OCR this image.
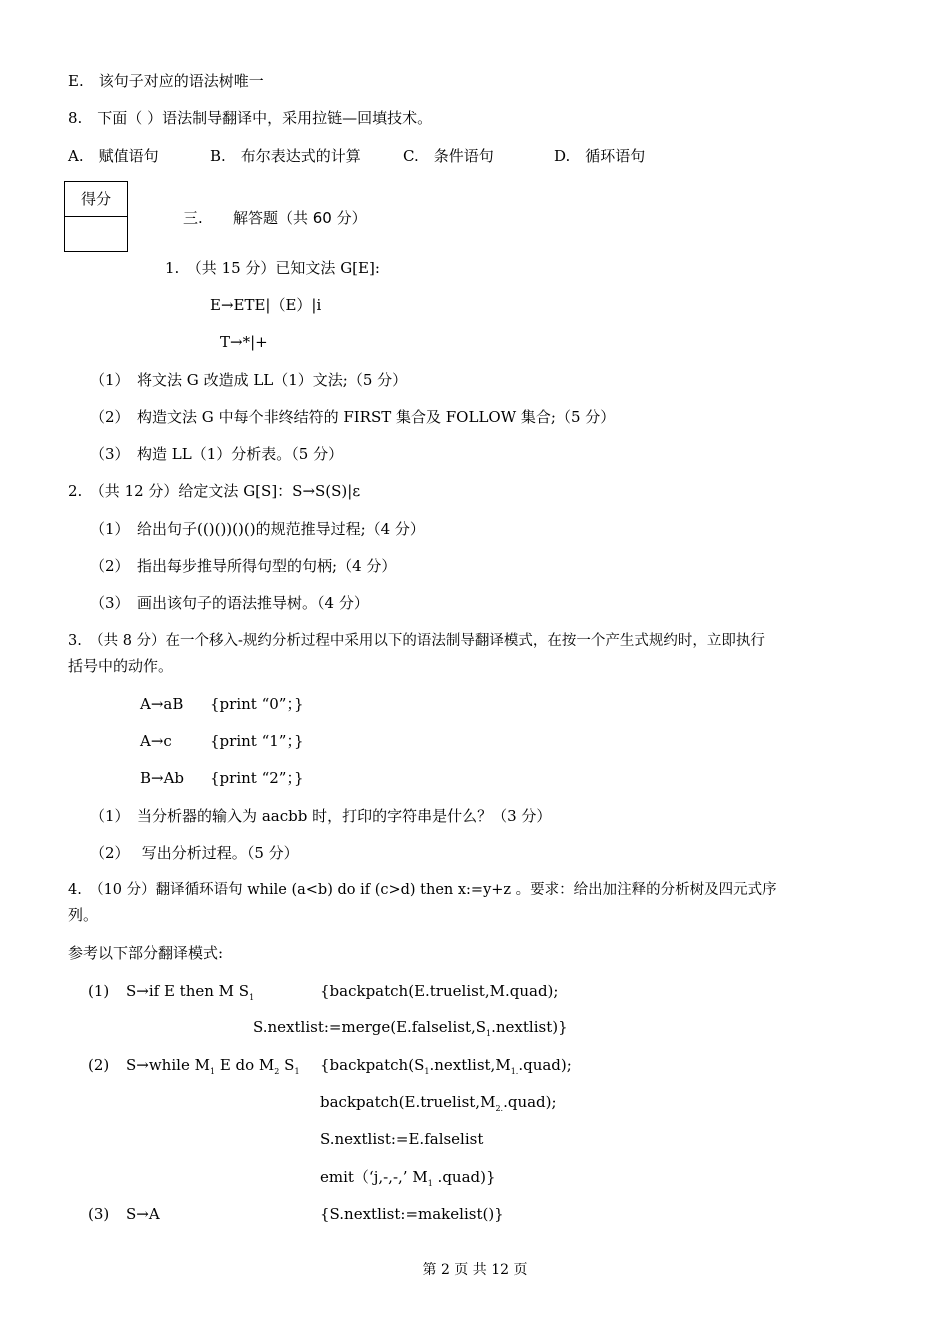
E.　该句子对应的语法树唯一
8.　下面（ ）语法制导翻译中，采用拉链—回填技术。
A.　赋值语句	B.　布尔表达式的计算	C.　条件语句	D.　循环语句
得分
三. 解答题（共 60 分）
1.　（共 15 分）已知文法 G[E]:
E→ETE|（E）|i
T→*|+
（1）　将文法 G 改造成 LL（1）文法;（5 分）
（2）　构造文法 G 中每个非终结符的 FIRST 集合及 FOLLOW 集合;（5 分）
（3）　构造 LL（1）分析表。（5 分）
2.　（共 12 分）给定文法 G[S]：S→S(S)|ε
（1）　给出句子(()())()()的规范推导过程;（4 分）
（2）　指出每步推导所得句型的句柄;（4 分）
（3）　画出该句子的语法推导树。（4 分）
3.　（共 8 分）在一个移入-规约分析过程中采用以下的语法制导翻译模式，在按一个产生式规约时，立即执行
括号中的动作。
A→aB {print “0”；}
A→c	{print “1”；}
B→Ab {print “2”；}
（1）　当分析器的输入为 aacbb 时，打印的字符串是什么？（3 分）
（2）　 写出分析过程。（5 分）
4.　（10 分）翻译循环语句 while (a<b) do if (c>d) then x:=y+z 。要求：给出加注释的分析树及四元式序
列。
参考以下部分翻译模式:
(1) S→if E then M $S_1$	{backpatch(E.truelist,M.quad);
$S.nextlist:=merge(E.falselist,S_1.nextlist)$}
(2) S→while $M_1$ E do $M_2$ $S_1$ {$backpatch(S_1.nextlist,M_{1.}.quad)$;
$backpatch(E.truelist,M_{2.}.quad)$;
S.nextlist:=E.falselist
emit（‘j,-,-,’ $M_1$ .quad)}
(3) S→A	{S.nextlist:=makelist()}
第 2 页 共 12 页
